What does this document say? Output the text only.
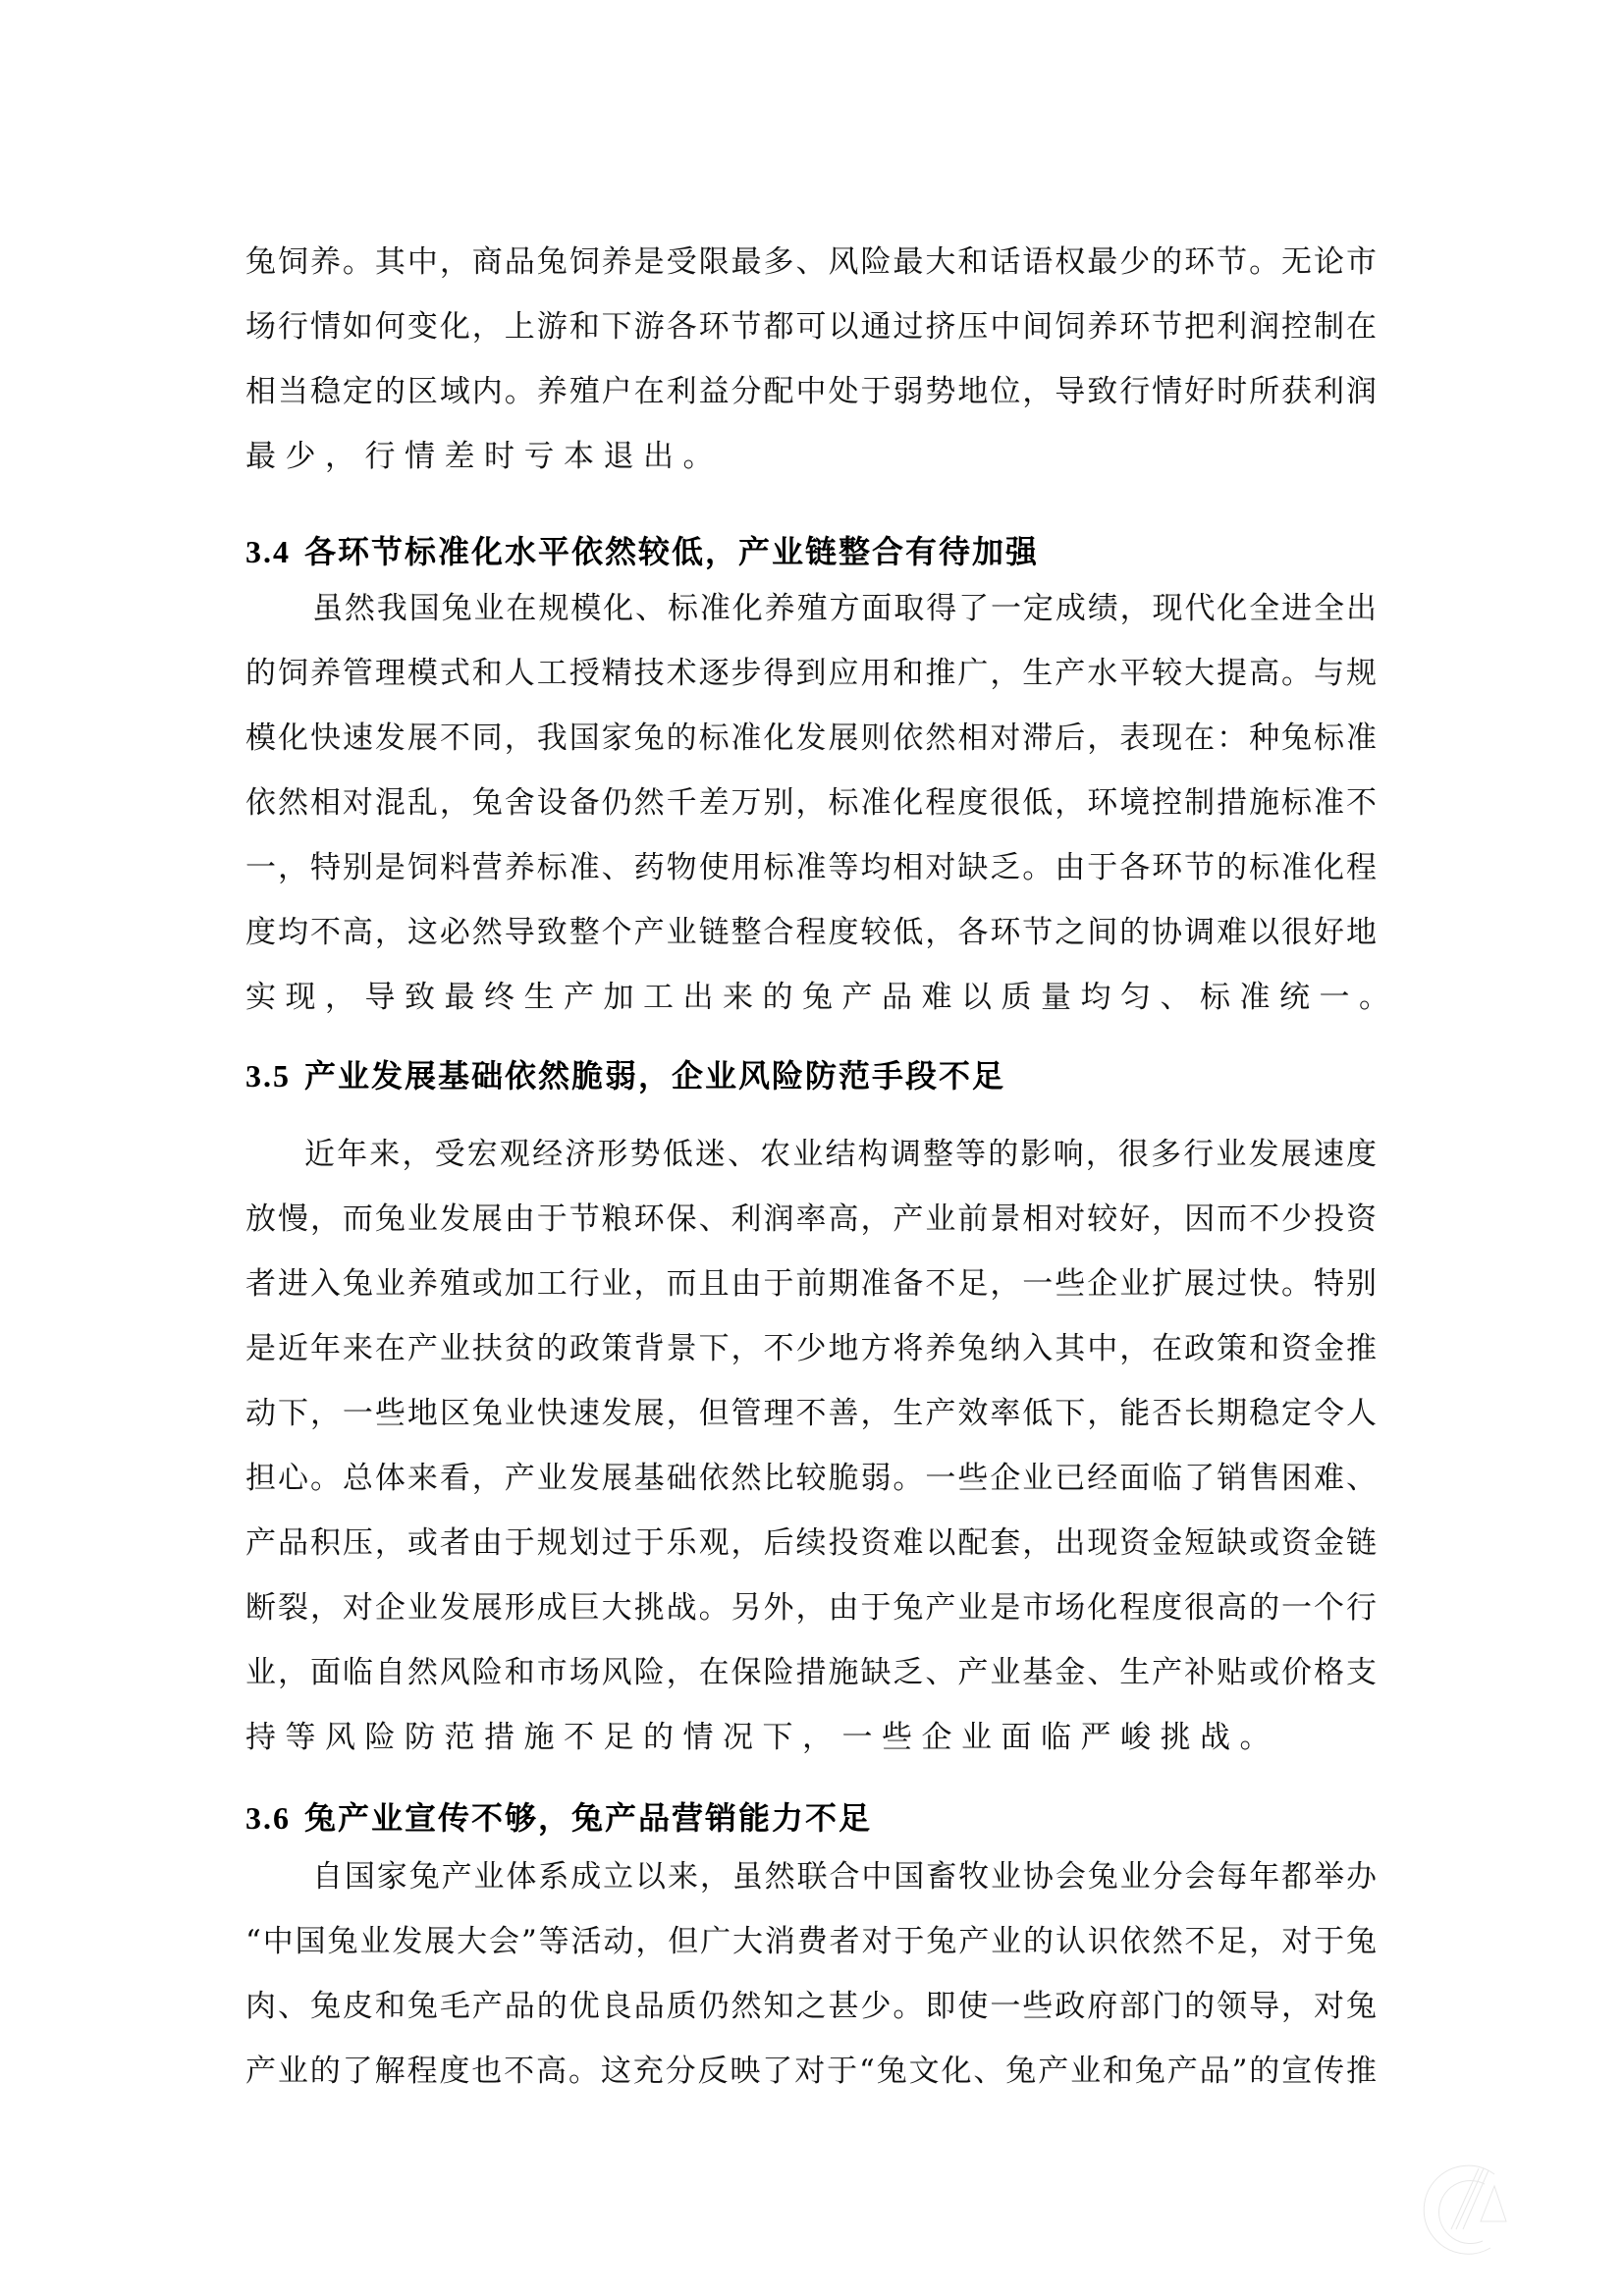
兔饲养。其中，商品兔饲养是受限最多、风险最大和话语权最少的环节。无论市
场行情如何变化，上游和下游各环节都可以通过挤压中间饲养环节把利润控制在
相当稳定的区域内。养殖户在利益分配中处于弱势地位，导致行情好时所获利润
最少，行情差时亏本退出。
3.4 各环节标准化水平依然较低，产业链整合有待加强
虽然我国兔业在规模化、标准化养殖方面取得了一定成绩，现代化全进全出
的饲养管理模式和人工授精技术逐步得到应用和推广，生产水平较大提高。与规
模化快速发展不同，我国家兔的标准化发展则依然相对滞后，表现在：种兔标准
依然相对混乱，兔舍设备仍然千差万别，标准化程度很低，环境控制措施标准不
一，特别是饲料营养标准、药物使用标准等均相对缺乏。由于各环节的标准化程
度均不高，这必然导致整个产业链整合程度较低，各环节之间的协调难以很好地
实现，导致最终生产加工出来的兔产品难以质量均匀、标准统一。
3.5 产业发展基础依然脆弱，企业风险防范手段不足
近年来，受宏观经济形势低迷、农业结构调整等的影响，很多行业发展速度
放慢，而兔业发展由于节粮环保、利润率高，产业前景相对较好，因而不少投资
者进入兔业养殖或加工行业，而且由于前期准备不足，一些企业扩展过快。特别
是近年来在产业扶贫的政策背景下，不少地方将养兔纳入其中，在政策和资金推
动下，一些地区兔业快速发展，但管理不善，生产效率低下，能否长期稳定令人
担心。总体来看，产业发展基础依然比较脆弱。一些企业已经面临了销售困难、
产品积压，或者由于规划过于乐观，后续投资难以配套，出现资金短缺或资金链
断裂，对企业发展形成巨大挑战。另外，由于兔产业是市场化程度很高的一个行
业，面临自然风险和市场风险，在保险措施缺乏、产业基金、生产补贴或价格支
持等风险防范措施不足的情况下，一些企业面临严峻挑战。
3.6 兔产业宣传不够，兔产品营销能力不足
自国家兔产业体系成立以来，虽然联合中国畜牧业协会兔业分会每年都举办
“中国兔业发展大会”等活动，但广大消费者对于兔产业的认识依然不足，对于兔
肉、兔皮和兔毛产品的优良品质仍然知之甚少。即使一些政府部门的领导，对兔
产业的了解程度也不高。这充分反映了对于“兔文化、兔产业和兔产品”的宣传推
